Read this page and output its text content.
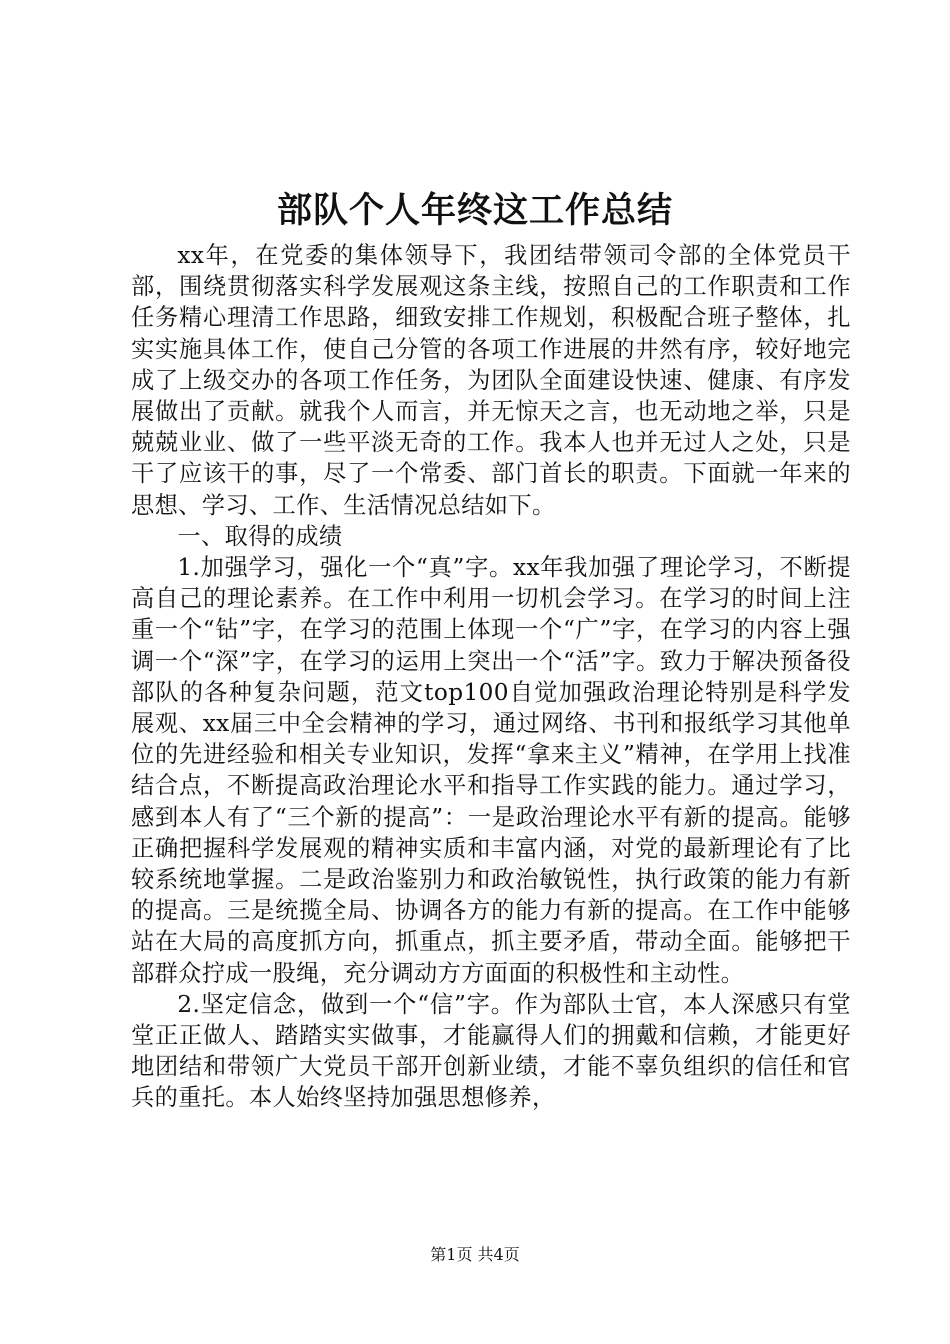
部队个人年终这工作总结

xx年，在党委的集体领导下，我团结带领司令部的全体党员干部，围绕贯彻落实科学发展观这条主线，按照自己的工作职责和工作任务精心理清工作思路，细致安排工作规划，积极配合班子整体，扎实实施具体工作，使自己分管的各项工作进展的井然有序，较好地完成了上级交办的各项工作任务，为团队全面建设快速、健康、有序发展做出了贡献。就我个人而言，并无惊天之言，也无动地之举，只是兢兢业业、做了一些平淡无奇的工作。我本人也并无过人之处，只是干了应该干的事，尽了一个常委、部门首长的职责。下面就一年来的思想、学习、工作、生活情况总结如下。

一、取得的成绩

1.加强学习，强化一个“真”字。xx年我加强了理论学习，不断提高自己的理论素养。在工作中利用一切机会学习。在学习的时间上注重一个“钻”字，在学习的范围上体现一个“广”字，在学习的内容上强调一个“深”字，在学习的运用上突出一个“活”字。致力于解决预备役部队的各种复杂问题，范文top100自觉加强政治理论特别是科学发展观、xx届三中全会精神的学习，通过网络、书刊和报纸学习其他单位的先进经验和相关专业知识，发挥“拿来主义”精神，在学用上找准结合点，不断提高政治理论水平和指导工作实践的能力。通过学习，感到本人有了“三个新的提高”：一是政治理论水平有新的提高。能够正确把握科学发展观的精神实质和丰富内涵，对党的最新理论有了比较系统地掌握。二是政治鉴别力和政治敏锐性，执行政策的能力有新的提高。三是统揽全局、协调各方的能力有新的提高。在工作中能够站在大局的高度抓方向，抓重点，抓主要矛盾，带动全面。能够把干部群众拧成一股绳，充分调动方方面面的积极性和主动性。

2.坚定信念，做到一个“信”字。作为部队士官，本人深感只有堂堂正正做人、踏踏实实做事，才能赢得人们的拥戴和信赖，才能更好地团结和带领广大党员干部开创新业绩，才能不辜负组织的信任和官兵的重托。本人始终坚持加强思想修养，

第1页 共4页
